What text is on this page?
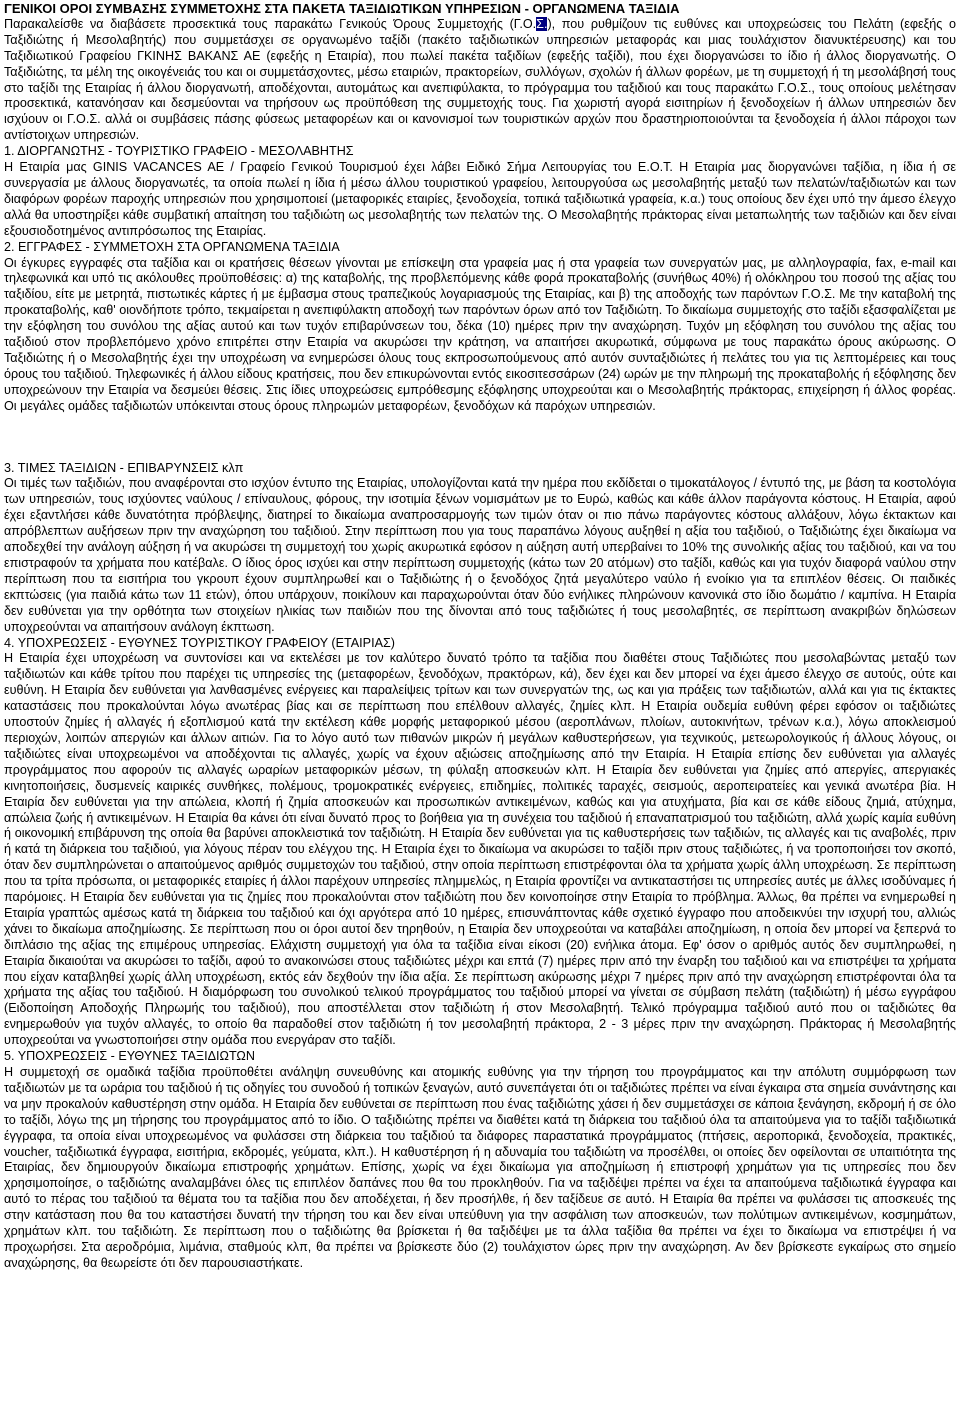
ΓΕΝΙΚΟΙ ΟΡΟΙ ΣΥΜΒΑΣΗΣ ΣΥΜΜΕΤΟΧΗΣ ΣΤΑ ΠΑΚΕΤΑ ΤΑΞΙΔΙΩΤΙΚΩΝ ΥΠΗΡΕΣΙΩΝ - ΟΡΓΑΝΩΜΕΝΑ ΤΑΞΙΔΙΑ

Παρακαλείσθε να διαβάσετε προσεκτικά τους παρακάτω Γενικούς Όρους Συμμετοχής (Γ.Ο.Σ.), που ρυθμίζουν τις ευθύνες και υποχρεώσεις του Πελάτη (εφεξής ο Ταξιδιώτης ή Μεσολαβητής) που συμμετάσχει σε οργανωμένο ταξίδι (πακέτο ταξιδιωτικών υπηρεσιών μεταφοράς και μιας τουλάχιστον διανυκτέρευσης) και του Ταξιδιωτικού Γραφείου ΓΚΙΝΗΣ ΒΑΚΑΝΣ ΑΕ (εφεξής η Εταιρία), που πωλεί πακέτα ταξιδίων (εφεξής ταξίδι), που έχει διοργανώσει το ίδιο ή άλλος διοργανωτής. Ο Ταξιδιώτης, τα μέλη της οικογένειάς του και οι συμμετάσχοντες, μέσω εταιριών, πρακτορείων, συλλόγων, σχολών ή άλλων φορέων, με τη συμμετοχή ή τη μεσολάβησή τους στο ταξίδι της Εταιρίας ή άλλου διοργανωτή, αποδέχονται, αυτομάτως και ανεπιφύλακτα, το πρόγραμμα του ταξιδιού και τους παρακάτω Γ.Ο.Σ., τους οποίους μελέτησαν προσεκτικά, κατανόησαν και δεσμεύονται να τηρήσουν ως προϋπόθεση της συμμετοχής τους. Για χωριστή αγορά εισιτηρίων ή ξενοδοχείων ή άλλων υπηρεσιών δεν ισχύουν οι Γ.Ο.Σ. αλλά οι συμβάσεις πάσης φύσεως μεταφορέων και οι κανονισμοί των τουριστικών αρχών που δραστηριοποιούνται τα ξενοδοχεία ή άλλοι πάροχοι των αντίστοιχων υπηρεσιών.

1. ΔΙΟΡΓΑΝΩΤΗΣ - ΤΟΥΡΙΣΤΙΚΟ ΓΡΑΦΕΙΟ - ΜΕΣΟΛΑΒΗΤΗΣ

Η Εταιρία μας GINIS VACANCES AE / Γραφείο Γενικού Τουρισμού έχει λάβει Ειδικό Σήμα Λειτουργίας του Ε.Ο.Τ. Η Εταιρία μας διοργανώνει ταξίδια, η ίδια ή σε συνεργασία με άλλους διοργανωτές, τα οποία πωλεί η ίδια ή μέσω άλλου τουριστικού γραφείου, λειτουργούσα ως μεσολαβητής μεταξύ των πελατών/ταξιδιωτών και των διαφόρων φορέων παροχής υπηρεσιών που χρησιμοποιεί (μεταφορικές εταιρίες, ξενοδοχεία, τοπικά ταξιδιωτικά γραφεία, κ.α.) τους οποίους δεν έχει υπό την άμεσο έλεγχο αλλά θα υποστηρίξει κάθε συμβατική απαίτηση του ταξιδιώτη ως μεσολαβητής των πελατών της. Ο Μεσολαβητής πράκτορας είναι μεταπωλητής των ταξιδιών και δεν είναι εξουσιοδοτημένος αντιπρόσωπος της Εταιρίας.

2. ΕΓΓΡΑΦΕΣ - ΣΥΜΜΕΤΟΧΗ ΣΤΑ ΟΡΓΑΝΩΜΕΝΑ ΤΑΞΙΔΙΑ

Οι έγκυρες εγγραφές στα ταξίδια και οι κρατήσεις θέσεων γίνονται με επίσκεψη στα γραφεία μας ή στα γραφεία των συνεργατών μας, με αλληλογραφία, fax, e-mail και τηλεφωνικά και υπό τις ακόλουθες προϋποθέσεις: α) της καταβολής, της προβλεπόμενης κάθε φορά προκαταβολής (συνήθως 40%) ή ολόκληρου του ποσού της αξίας του ταξιδίου, είτε με μετρητά, πιστωτικές κάρτες ή με έμβασμα στους τραπεζικούς λογαριασμούς της Εταιρίας, και β) της αποδοχής των παρόντων Γ.Ο.Σ. Με την καταβολή της προκαταβολής, καθ' οιονδήποτε τρόπο, τεκμαίρεται η ανεπιφύλακτη αποδοχή των παρόντων όρων από τον Ταξιδιώτη. Το δικαίωμα συμμετοχής στο ταξίδι εξασφαλίζεται με την εξόφληση του συνόλου της αξίας αυτού και των τυχόν επιβαρύνσεων του, δέκα (10) ημέρες πριν την αναχώρηση. Τυχόν μη εξόφληση του συνόλου της αξίας του ταξιδιού στον προβλεπόμενο χρόνο επιτρέπει στην Εταιρία να ακυρώσει την κράτηση, να απαιτήσει ακυρωτικά, σύμφωνα με τους παρακάτω όρους ακύρωσης. Ο Ταξιδιώτης ή ο Μεσολαβητής έχει την υποχρέωση να ενημερώσει όλους τους εκπροσωπούμενους από αυτόν συνταξιδιώτες ή πελάτες του για τις λεπτομέρειες και τους όρους του ταξιδιού. Τηλεφωνικές ή άλλου είδους κρατήσεις, που δεν επικυρώνονται εντός εικοσιτεσσάρων (24) ωρών με την πληρωμή της προκαταβολής ή εξόφλησης δεν υποχρεώνουν την Εταιρία να δεσμεύει θέσεις. Στις ίδιες υποχρεώσεις εμπρόθεσμης εξόφλησης υποχρεούται και ο Μεσολαβητής πράκτορας, επιχείρηση ή άλλος φορέας. Οι μεγάλες ομάδες ταξιδιωτών υπόκεινται στους όρους πληρωμών μεταφορέων, ξενοδόχων κά παρόχων υπηρεσιών.

3. ΤΙΜΕΣ ΤΑΞΙΔΙΩΝ - ΕΠΙΒΑΡΥΝΣΕΙΣ κλπ

Οι τιμές των ταξιδιών, που αναφέρονται στο ισχύον έντυπο της Εταιρίας, υπολογίζονται κατά την ημέρα που εκδίδεται ο τιμοκατάλογος / έντυπό της, με βάση τα κοστολόγια των υπηρεσιών, τους ισχύοντες ναύλους / επίναυλους, φόρους, την ισοτιμία ξένων νομισμάτων με το Ευρώ, καθώς και κάθε άλλον παράγοντα κόστους. Η Εταιρία, αφού έχει εξαντλήσει κάθε δυνατότητα πρόβλεψης, διατηρεί το δικαίωμα αναπροσαρμογής των τιμών όταν οι πιο πάνω παράγοντες κόστους αλλάξουν, λόγω έκτακτων και απρόβλεπτων αυξήσεων πριν την αναχώρηση του ταξιδιού. Στην περίπτωση που για τους παραπάνω λόγους αυξηθεί η αξία του ταξιδιού, ο Ταξιδιώτης έχει δικαίωμα να αποδεχθεί την ανάλογη αύξηση ή να ακυρώσει τη συμμετοχή του χωρίς ακυρωτικά εφόσον η αύξηση αυτή υπερβαίνει το 10% της συνολικής αξίας του ταξιδιού, και να του επιστραφούν τα χρήματα που κατέβαλε. Ο ίδιος όρος ισχύει και στην περίπτωση συμμετοχής (κάτω των 20 ατόμων) στο ταξίδι, καθώς και για τυχόν διαφορά ναύλου στην περίπτωση που τα εισιτήρια του γκρουπ έχουν συμπληρωθεί και ο Ταξιδιώτης ή ο ξενοδόχος ζητά μεγαλύτερο ναύλο ή ενοίκιο για τα επιπλέον θέσεις. Οι παιδικές εκπτώσεις (για παιδιά κάτω των 11 ετών), όπου υπάρχουν, ποικίλουν και παραχωρούνται όταν δύο ενήλικες πληρώνουν κανονικά στο ίδιο δωμάτιο / καμπίνα. Η Εταιρία δεν ευθύνεται για την ορθότητα των στοιχείων ηλικίας των παιδιών που της δίνονται από τους ταξιδιώτες ή τους μεσολαβητές, σε περίπτωση ανακριβών δηλώσεων υποχρεούνται να απαιτήσουν ανάλογη έκπτωση.

4. ΥΠΟΧΡΕΩΣΕΙΣ - ΕΥΘΥΝΕΣ ΤΟΥΡΙΣΤΙΚΟΥ ΓΡΑΦΕΙΟΥ (ΕΤΑΙΡΙΑΣ)

Η Εταιρία έχει υποχρέωση να συντονίσει και να εκτελέσει με τον καλύτερο δυνατό τρόπο τα ταξίδια που διαθέτει στους Ταξιδιώτες που μεσολαβώντας μεταξύ των ταξιδιωτών και κάθε τρίτου που παρέχει τις υπηρεσίες της (μεταφορέων, ξενοδόχων, πρακτόρων, κά), δεν έχει και δεν μπορεί να έχει άμεσο έλεγχο σε αυτούς, ούτε και ευθύνη. Η Εταιρία δεν ευθύνεται για λανθασμένες ενέργειες και παραλείψεις τρίτων και των συνεργατών της, ως και για πράξεις των ταξιδιωτών, αλλά και για τις έκτακτες καταστάσεις που προκαλούνται λόγω ανωτέρας βίας και σε περίπτωση που επέλθουν αλλαγές, ζημίες κλπ. Η Εταιρία ουδεμία ευθύνη φέρει εφόσον οι ταξιδιώτες υποστούν ζημίες ή αλλαγές ή εξοπλισμού κατά την εκτέλεση κάθε μορφής μεταφορικού μέσου (αεροπλάνων, πλοίων, αυτοκινήτων, τρένων κ.α.), λόγω αποκλεισμού περιοχών, λοιπών απεργιών και άλλων αιτιών. Για το λόγο αυτό των πιθανών μικρών ή μεγάλων καθυστερήσεων, για τεχνικούς, μετεωρολογικούς ή άλλους λόγους, οι ταξιδιώτες είναι υποχρεωμένοι να αποδέχονται τις αλλαγές, χωρίς να έχουν αξιώσεις αποζημίωσης από την Εταιρία. Η Εταιρία επίσης δεν ευθύνεται για αλλαγές προγράμματος που αφορούν τις αλλαγές ωραρίων μεταφορικών μέσων, τη φύλαξη αποσκευών κλπ. Η Εταιρία δεν ευθύνεται για ζημίες από απεργίες, απεργιακές κινητοποιήσεις, δυσμενείς καιρικές συνθήκες, πολέμους, τρομοκρατικές ενέργειες, επιδημίες, πολιτικές ταραχές, σεισμούς, αεροπειρατείες και γενικά ανωτέρα βία. Η Εταιρία δεν ευθύνεται για την απώλεια, κλοπή ή ζημία αποσκευών και προσωπικών αντικειμένων, καθώς και για ατυχήματα, βία και σε κάθε είδους ζημιά, ατύχημα, απώλεια ζωής ή αντικειμένων. Η Εταιρία θα κάνει ότι είναι δυνατό προς το βοήθεια για τη συνέχεια του ταξιδιού ή επαναπατρισμού του ταξιδιώτη, αλλά χωρίς καμία ευθύνη ή οικονομική επιβάρυνση της οποία θα βαρύνει αποκλειστικά τον ταξιδιώτη. Η Εταιρία δεν ευθύνεται για τις καθυστερήσεις των ταξιδιών, τις αλλαγές και τις αναβολές, πριν ή κατά τη διάρκεια του ταξιδιού, για λόγους πέραν του ελέγχου της. Η Εταιρία έχει το δικαίωμα να ακυρώσει το ταξίδι πριν στους ταξιδιώτες, ή να τροποποιήσει τον σκοπό, όταν δεν συμπληρώνεται ο απαιτούμενος αριθμός συμμετοχών του ταξιδιού, στην οποία περίπτωση επιστρέφονται όλα τα χρήματα χωρίς άλλη υποχρέωση. Σε περίπτωση που τα τρίτα πρόσωπα, οι μεταφορικές εταιρίες ή άλλοι παρέχουν υπηρεσίες πλημμελώς, η Εταιρία φροντίζει να αντικαταστήσει τις υπηρεσίες αυτές με άλλες ισοδύναμες ή παρόμοιες. Η Εταιρία δεν ευθύνεται για τις ζημίες που προκαλούνται στον ταξιδιώτη που δεν κοινοποίησε στην Εταιρία το πρόβλημα. Άλλως, θα πρέπει να ενημερωθεί η Εταιρία γραπτώς αμέσως κατά τη διάρκεια του ταξιδιού και όχι αργότερα από 10 ημέρες, επισυνάπτοντας κάθε σχετικό έγγραφο που αποδεικνύει την ισχυρή του, αλλιώς χάνει το δικαίωμα αποζημίωσης. Σε περίπτωση που οι όροι αυτοί δεν τηρηθούν, η Εταιρία δεν υποχρεούται να καταβάλει αποζημίωση, η οποία δεν μπορεί να ξεπερνά το διπλάσιο της αξίας της επιμέρους υπηρεσίας. Ελάχιστη συμμετοχή για όλα τα ταξίδια είναι είκοσι (20) ενήλικα άτομα. Εφ' όσον ο αριθμός αυτός δεν συμπληρωθεί, η Εταιρία δικαιούται να ακυρώσει το ταξίδι, αφού το ανακοινώσει στους ταξιδιώτες μέχρι και επτά (7) ημέρες πριν από την έναρξη του ταξιδιού και να επιστρέψει τα χρήματα που είχαν καταβληθεί χωρίς άλλη υποχρέωση, εκτός εάν δεχθούν την ίδια αξία. Σε περίπτωση ακύρωσης μέχρι 7 ημέρες πριν από την αναχώρηση επιστρέφονται όλα τα χρήματα της αξίας του ταξιδιού. Η διαμόρφωση του συνολικού τελικού προγράμματος του ταξιδιού μπορεί να γίνεται σε σύμβαση πελάτη (ταξιδιώτη) ή μέσω εγγράφου (Ειδοποίηση Αποδοχής Πληρωμής του ταξιδιού), που αποστέλλεται στον ταξιδιώτη ή στον Μεσολαβητή. Τελικό πρόγραμμα ταξιδιού αυτό που οι ταξιδιώτες θα ενημερωθούν για τυχόν αλλαγές, το οποίο θα παραδοθεί στον ταξιδιώτη ή τον μεσολαβητή πράκτορα, 2 - 3 μέρες πριν την αναχώρηση. Πράκτορας ή Μεσολαβητής υποχρεούται να γνωστοποιήσει στην ομάδα που ενεργάραν στο ταξίδι.

5. ΥΠΟΧΡΕΩΣΕΙΣ - ΕΥΘΥΝΕΣ ΤΑΞΙΔΙΩΤΩΝ

Η συμμετοχή σε ομαδικά ταξίδια προϋποθέτει ανάληψη συνευθύνης και ατομικής ευθύνης για την τήρηση του προγράμματος και την απόλυτη συμμόρφωση των ταξιδιωτών με τα ωράρια του ταξιδιού ή τις οδηγίες του συνοδού ή τοπικών ξεναγών, αυτό συνεπάγεται ότι οι ταξιδιώτες πρέπει να είναι έγκαιρα στα σημεία συνάντησης και να μην προκαλούν καθυστέρηση στην ομάδα. Η Εταιρία δεν ευθύνεται σε περίπτωση που ένας ταξιδιώτης χάσει ή δεν συμμετάσχει σε κάποια ξενάγηση, εκδρομή ή σε όλο το ταξίδι, λόγω της μη τήρησης του προγράμματος από το ίδιο. Ο ταξιδιώτης πρέπει να διαθέτει κατά τη διάρκεια του ταξιδιού όλα τα απαιτούμενα για το ταξίδι ταξιδιωτικά έγγραφα, τα οποία είναι υποχρεωμένος να φυλάσσει στη διάρκεια του ταξιδιού τα διάφορες παραστατικά προγράμματος (πτήσεις, αεροπορικά, ξενοδοχεία, πρακτικές, voucher, ταξιδιωτικά έγγραφα, εισιτήρια, εκδρομές, γεύματα, κλπ.). Η καθυστέρηση ή η αδυναμία του ταξιδιώτη να προσέλθει, οι οποίες δεν οφείλονται σε υπαιτιότητα της Εταιρίας, δεν δημιουργούν δικαίωμα επιστροφής χρημάτων. Επίσης, χωρίς να έχει δικαίωμα για αποζημίωση ή επιστροφή χρημάτων για τις υπηρεσίες που δεν χρησιμοποίησε, ο ταξιδιώτης αναλαμβάνει όλες τις επιπλέον δαπάνες που θα του προκληθούν. Για να ταξιδέψει πρέπει να έχει τα απαιτούμενα ταξιδιωτικά έγγραφα και αυτό το πέρας του ταξιδιού τα θέματα του τα ταξίδια που δεν αποδέχεται, ή δεν προσήλθε, ή δεν ταξίδευε σε αυτό. Η Εταιρία θα πρέπει να φυλάσσει τις αποσκευές της στην κατάσταση που θα του καταστήσει δυνατή την τήρηση του και δεν είναι υπεύθυνη για την ασφάλιση των αποσκευών, των πολύτιμων αντικειμένων, κοσμημάτων, χρημάτων κλπ. του ταξιδιώτη. Σε περίπτωση που ο ταξιδιώτης θα βρίσκεται ή θα ταξιδέψει με τα άλλα ταξίδια θα πρέπει να έχει το δικαίωμα να επιστρέψει ή να προχωρήσει. Στα αεροδρόμια, λιμάνια, σταθμούς κλπ, θα πρέπει να βρίσκεστε δύο (2) τουλάχιστον ώρες πριν την αναχώρηση. Αν δεν βρίσκεστε εγκαίρως στο σημείο αναχώρησης, θα θεωρείστε ότι δεν παρουσιαστήκατε.
